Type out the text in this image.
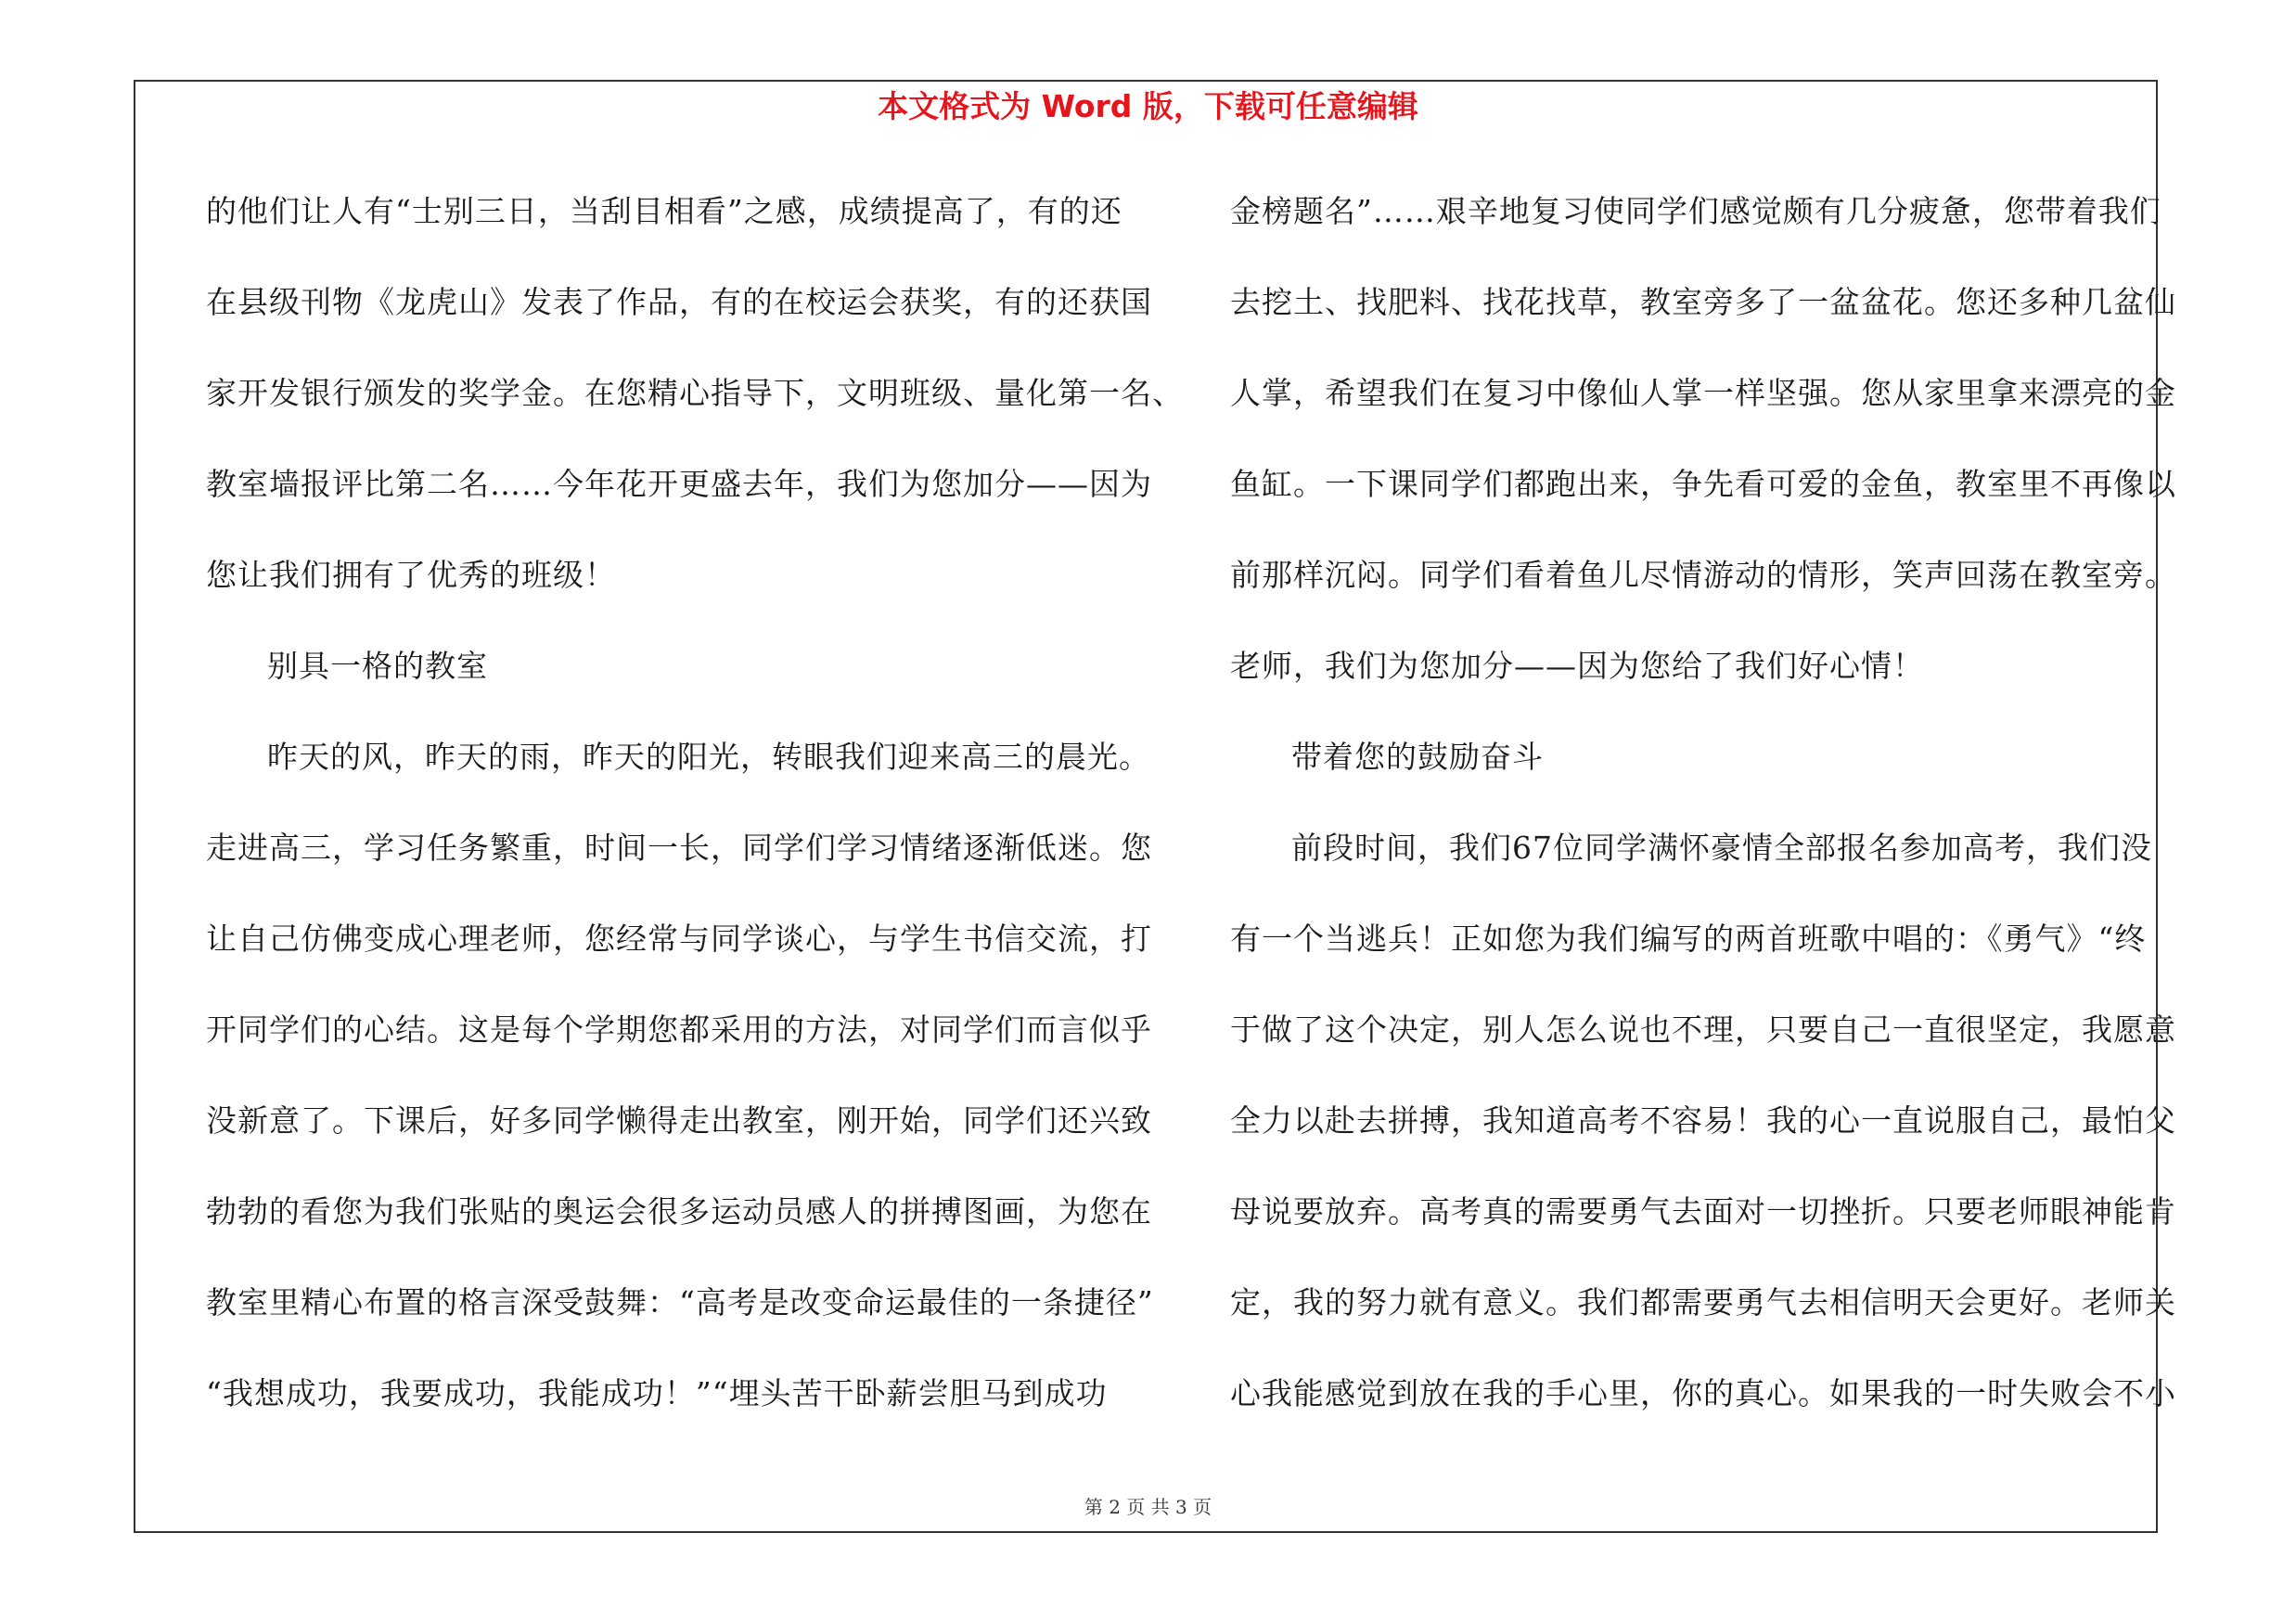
本文格式为 Word 版，下载可任意编辑
的他们让人有“士别三日，当刮目相看”之感，成绩提高了，有的还
在县级刊物《龙虎山》发表了作品，有的在校运会获奖，有的还获国
家开发银行颁发的奖学金。在您精心指导下，文明班级、量化第一名、
教室墙报评比第二名……今年花开更盛去年，我们为您加分——因为
您让我们拥有了优秀的班级！
别具一格的教室
昨天的风，昨天的雨，昨天的阳光，转眼我们迎来高三的晨光。
走进高三，学习任务繁重，时间一长，同学们学习情绪逐渐低迷。您
让自己仿佛变成心理老师，您经常与同学谈心，与学生书信交流，打
开同学们的心结。这是每个学期您都采用的方法，对同学们而言似乎
没新意了。下课后，好多同学懒得走出教室，刚开始，同学们还兴致
勃勃的看您为我们张贴的奥运会很多运动员感人的拼搏图画，为您在
教室里精心布置的格言深受鼓舞：“高考是改变命运最佳的一条捷径”
“我想成功，我要成功，我能成功！”“埋头苦干卧薪尝胆马到成功
金榜题名”……艰辛地复习使同学们感觉颇有几分疲惫，您带着我们
去挖土、找肥料、找花找草，教室旁多了一盆盆花。您还多种几盆仙
人掌，希望我们在复习中像仙人掌一样坚强。您从家里拿来漂亮的金
鱼缸。一下课同学们都跑出来，争先看可爱的金鱼，教室里不再像以
前那样沉闷。同学们看着鱼儿尽情游动的情形，笑声回荡在教室旁。
老师，我们为您加分——因为您给了我们好心情！
带着您的鼓励奋斗
前段时间，我们67位同学满怀豪情全部报名参加高考，我们没
有一个当逃兵！正如您为我们编写的两首班歌中唱的：《勇气》“终
于做了这个决定，别人怎么说也不理，只要自己一直很坚定，我愿意
全力以赴去拼搏，我知道高考不容易！我的心一直说服自己，最怕父
母说要放弃。高考真的需要勇气去面对一切挫折。只要老师眼神能肯
定，我的努力就有意义。我们都需要勇气去相信明天会更好。老师关
心我能感觉到放在我的手心里，你的真心。如果我的一时失败会不小
第 2 页 共 3 页
